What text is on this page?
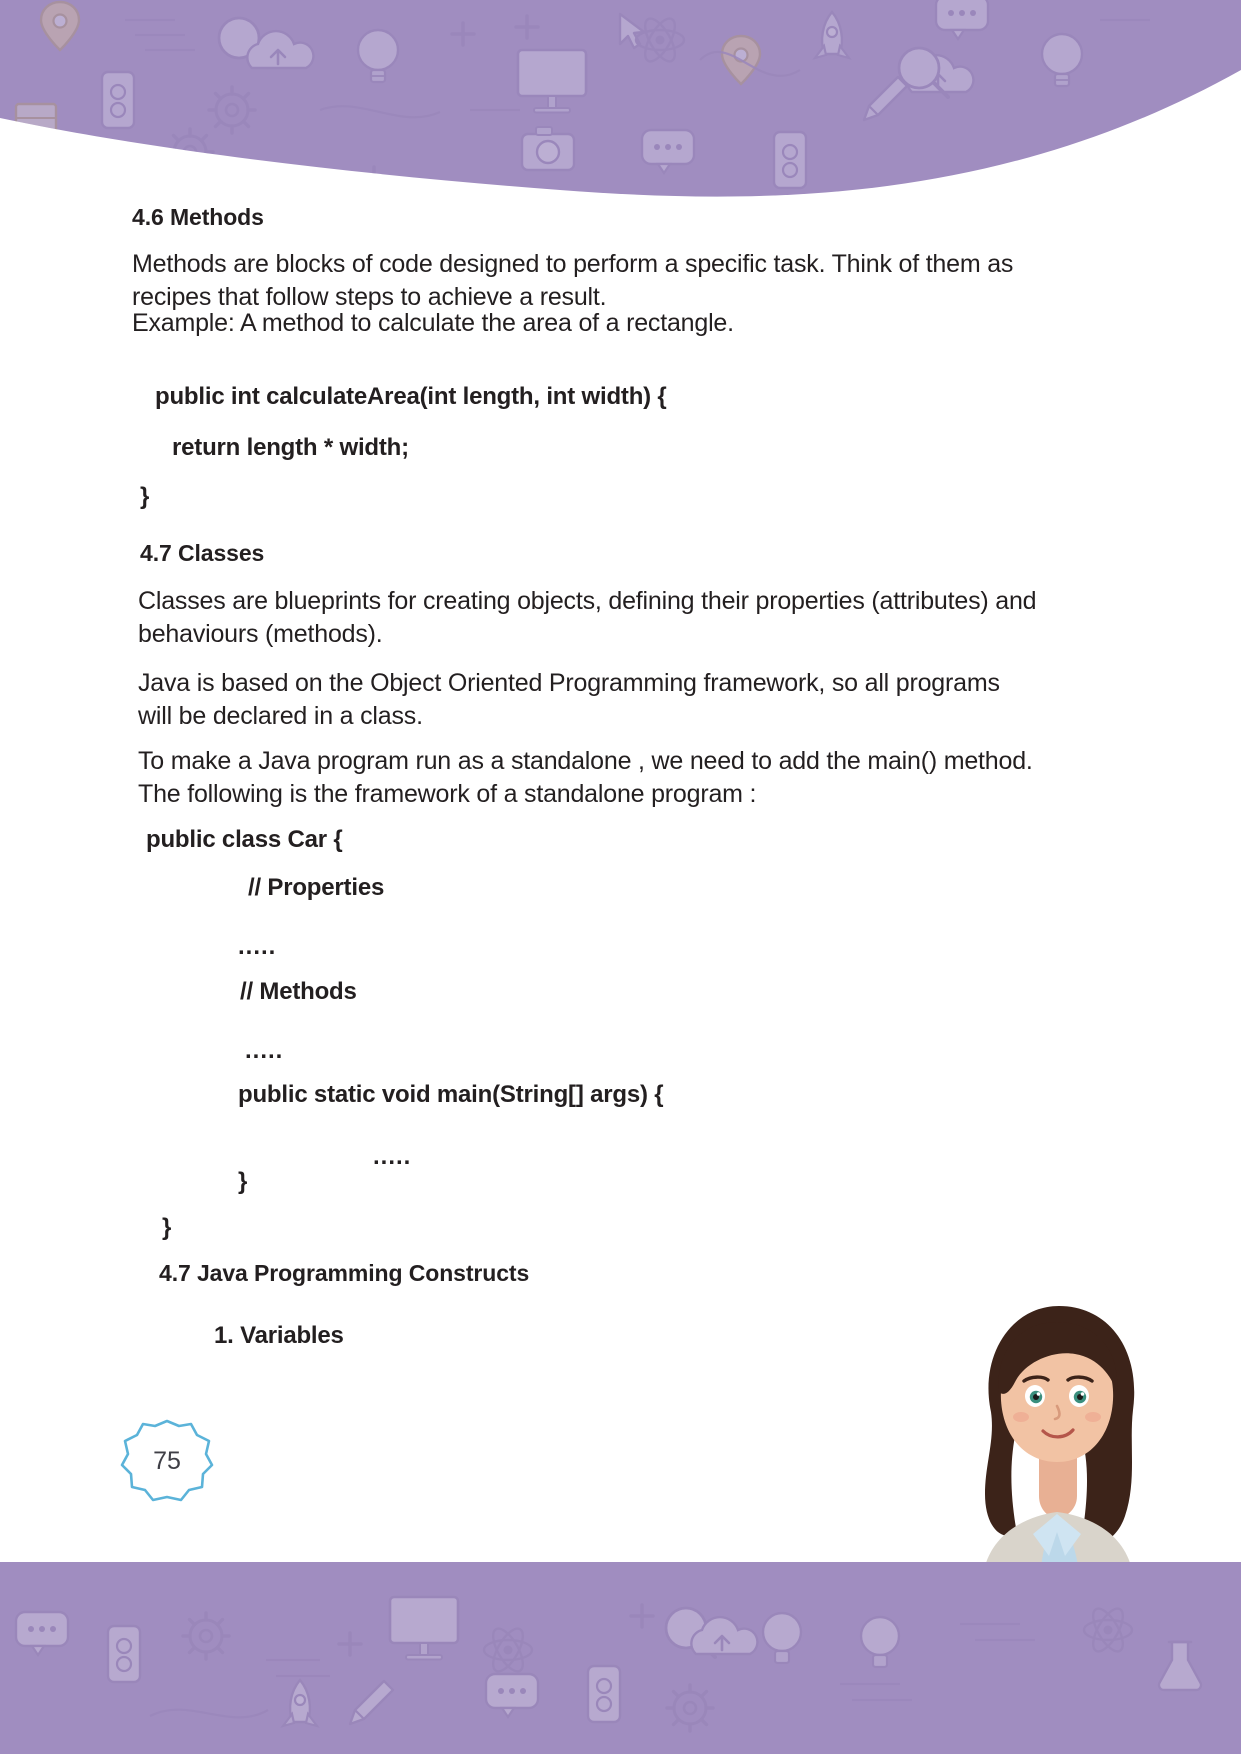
4.6 Methods

Methods are blocks of code designed to perform a specific task. Think of them as recipes that follow steps to achieve a result.

Example: A method to calculate the area of a rectangle.

public int calculateArea(int length, int width) {
return length * width;
}
4.7 Classes

Classes are blueprints for creating objects, defining their properties (attributes) and behaviours (methods).

Java is based on the Object Oriented Programming framework, so all programs will be declared in a class.

To make a Java program run as a standalone , we need to add the main() method. The following is the framework of a standalone program :

public class Car {
// Properties
.....
// Methods
.....
public static void main(String[] args) {
.....
}
}
4.7 Java Programming Constructs
1. Variables
75
